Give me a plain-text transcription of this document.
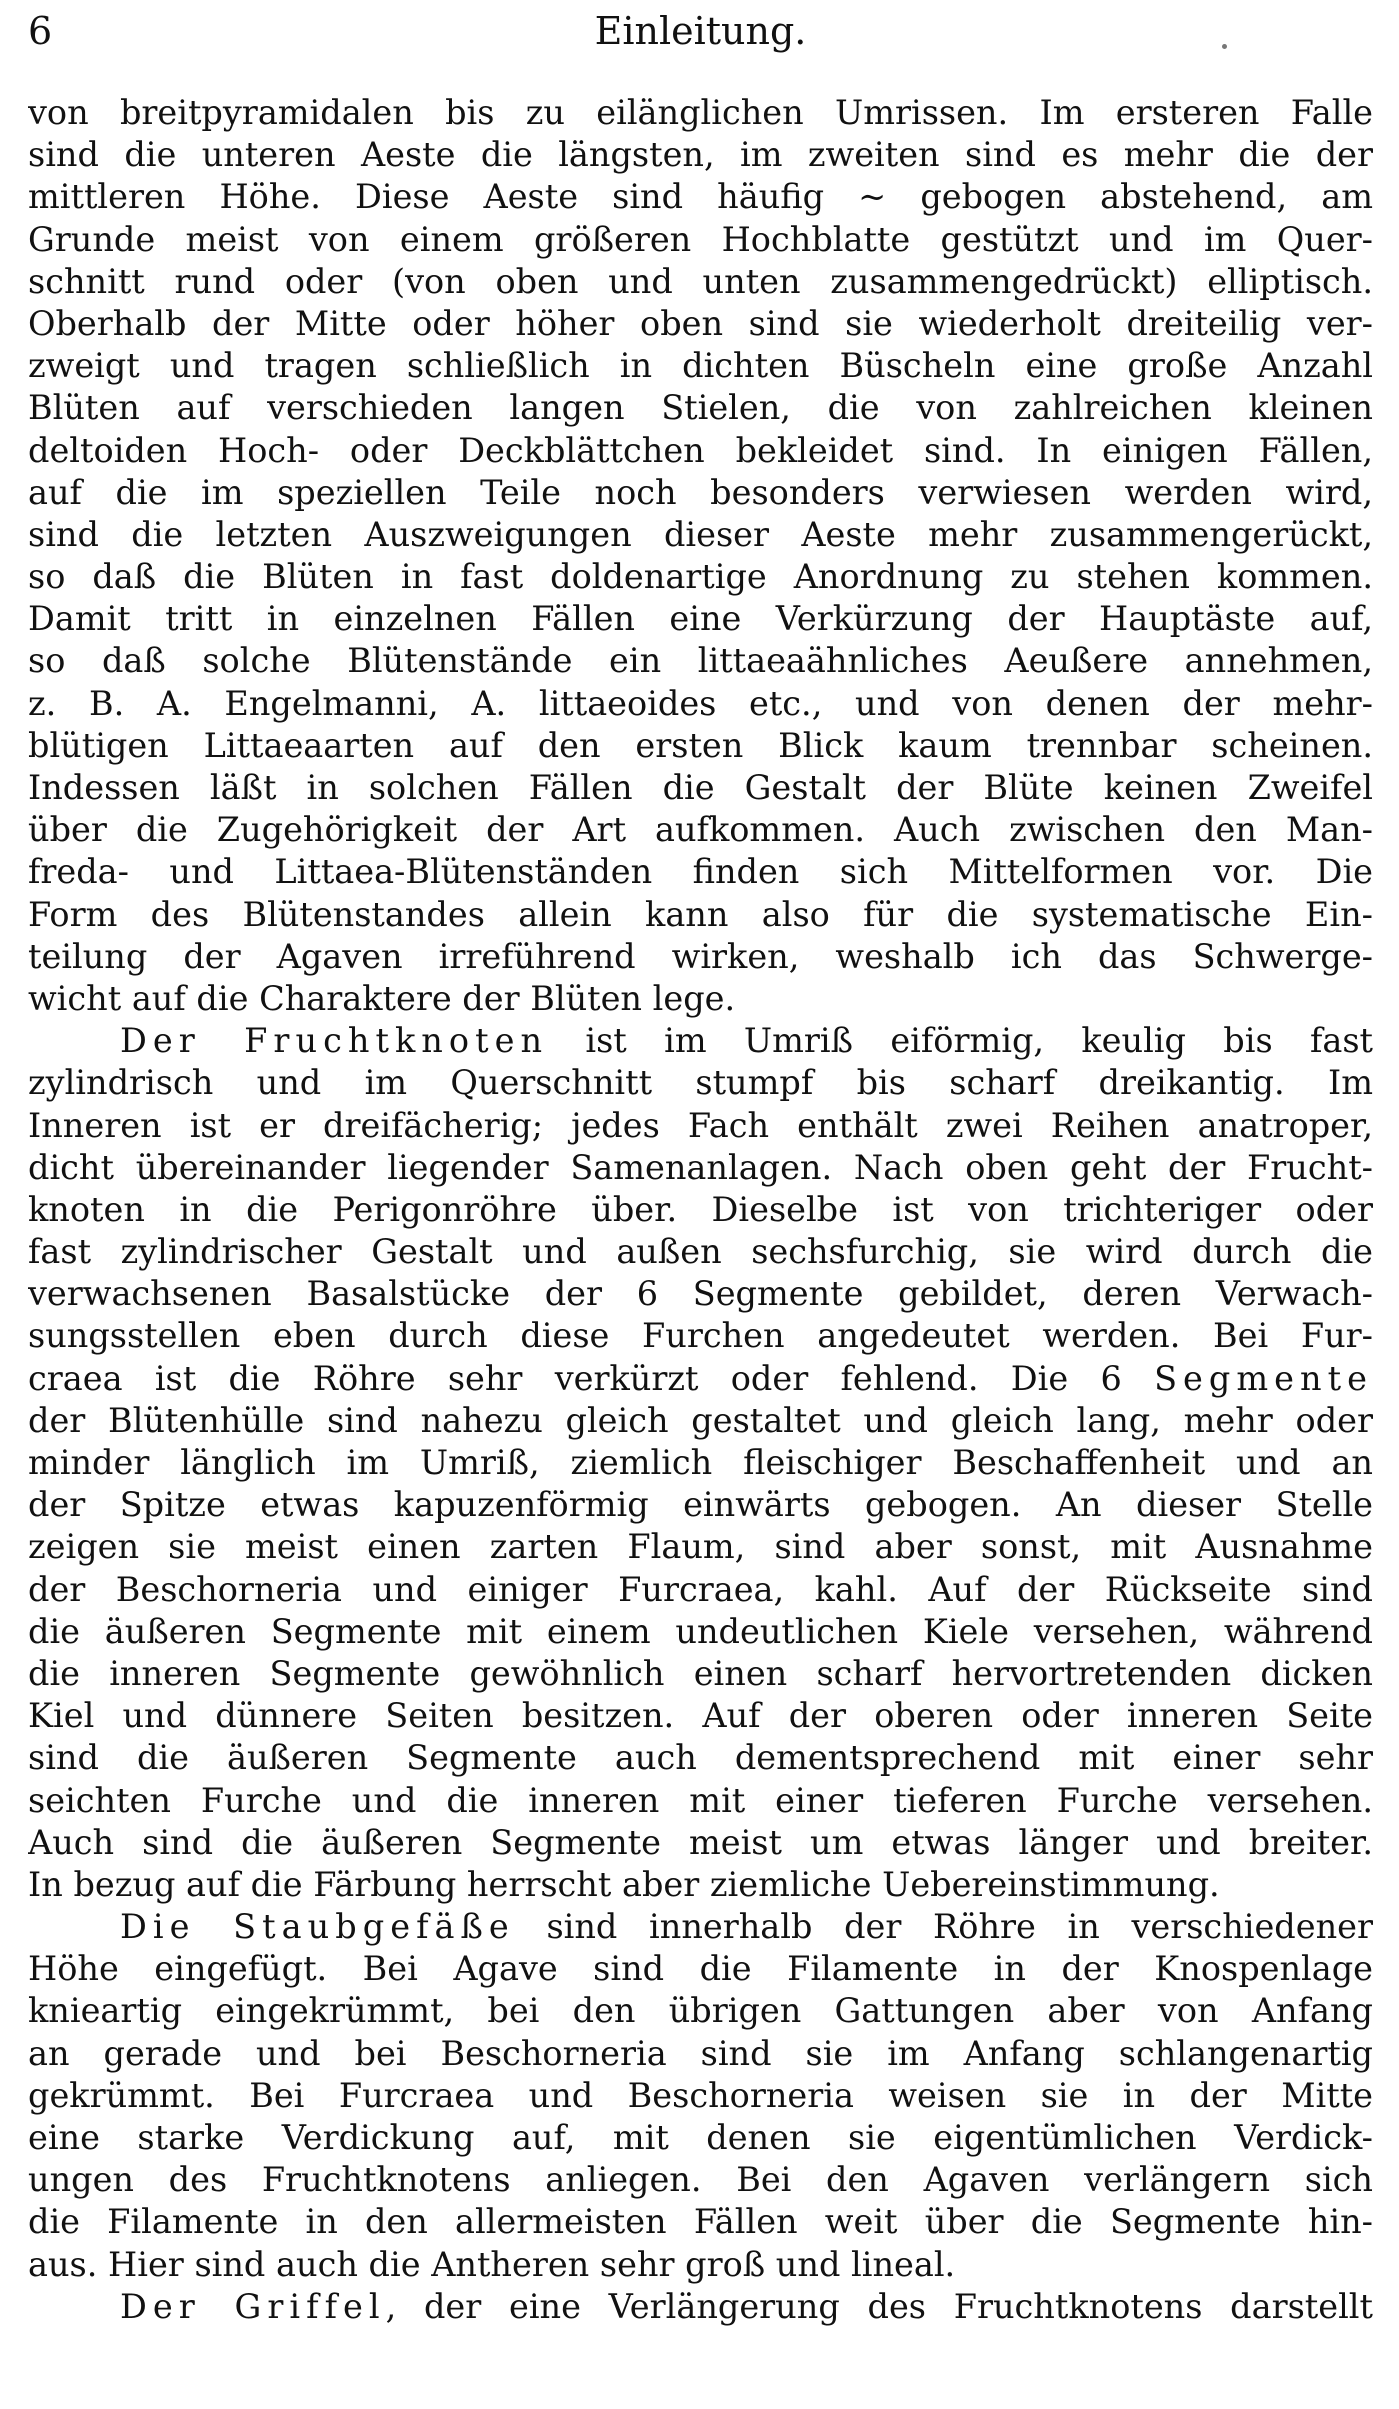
6	Einleitung.
von breitpyramidalen bis zu eilänglichen Umrissen. Im ersteren Falle
sind die unteren Aeste die längsten, im zweiten sind es mehr die der
mittleren Höhe. Diese Aeste sind häufig ∼ gebogen abstehend, am
Grunde meist von einem größeren Hochblatte gestützt und im Quer-
schnitt rund oder (von oben und unten zusammengedrückt) elliptisch.
Oberhalb der Mitte oder höher oben sind sie wiederholt dreiteilig ver-
zweigt und tragen schließlich in dichten Büscheln eine große Anzahl
Blüten auf verschieden langen Stielen, die von zahlreichen kleinen
deltoiden Hoch- oder Deckblättchen bekleidet sind. In einigen Fällen,
auf die im speziellen Teile noch besonders verwiesen werden wird,
sind die letzten Auszweigungen dieser Aeste mehr zusammengerückt,
so daß die Blüten in fast doldenartige Anordnung zu stehen kommen.
Damit tritt in einzelnen Fällen eine Verkürzung der Hauptäste auf,
so daß solche Blütenstände ein littaeaähnliches Aeußere annehmen,
z. B. A. Engelmanni, A. littaeoides etc., und von denen der mehr-
blütigen Littaeaarten auf den ersten Blick kaum trennbar scheinen.
Indessen läßt in solchen Fällen die Gestalt der Blüte keinen Zweifel
über die Zugehörigkeit der Art aufkommen. Auch zwischen den Man-
freda- und Littaea-Blütenständen finden sich Mittelformen vor. Die
Form des Blütenstandes allein kann also für die systematische Ein-
teilung der Agaven irreführend wirken, weshalb ich das Schwerge-
wicht auf die Charaktere der Blüten lege.
Der Fruchtknoten ist im Umriß eiförmig, keulig bis fast
zylindrisch und im Querschnitt stumpf bis scharf dreikantig. Im
Inneren ist er dreifächerig; jedes Fach enthält zwei Reihen anatroper,
dicht übereinander liegender Samenanlagen. Nach oben geht der Frucht-
knoten in die Perigonröhre über. Dieselbe ist von trichteriger oder
fast zylindrischer Gestalt und außen sechsfurchig, sie wird durch die
verwachsenen Basalstücke der 6 Segmente gebildet, deren Verwach-
sungsstellen eben durch diese Furchen angedeutet werden. Bei Fur-
craea ist die Röhre sehr verkürzt oder fehlend. Die 6 Segmente
der Blütenhülle sind nahezu gleich gestaltet und gleich lang, mehr oder
minder länglich im Umriß, ziemlich fleischiger Beschaffenheit und an
der Spitze etwas kapuzenförmig einwärts gebogen. An dieser Stelle
zeigen sie meist einen zarten Flaum, sind aber sonst, mit Ausnahme
der Beschorneria und einiger Furcraea, kahl. Auf der Rückseite sind
die äußeren Segmente mit einem undeutlichen Kiele versehen, während
die inneren Segmente gewöhnlich einen scharf hervortretenden dicken
Kiel und dünnere Seiten besitzen. Auf der oberen oder inneren Seite
sind die äußeren Segmente auch dementsprechend mit einer sehr
seichten Furche und die inneren mit einer tieferen Furche versehen.
Auch sind die äußeren Segmente meist um etwas länger und breiter.
In bezug auf die Färbung herrscht aber ziemliche Uebereinstimmung.
Die Staubgefäße sind innerhalb der Röhre in verschiedener
Höhe eingefügt. Bei Agave sind die Filamente in der Knospenlage
knieartig eingekrümmt, bei den übrigen Gattungen aber von Anfang
an gerade und bei Beschorneria sind sie im Anfang schlangenartig
gekrümmt. Bei Furcraea und Beschorneria weisen sie in der Mitte
eine starke Verdickung auf, mit denen sie eigentümlichen Verdick-
ungen des Fruchtknotens anliegen. Bei den Agaven verlängern sich
die Filamente in den allermeisten Fällen weit über die Segmente hin-
aus. Hier sind auch die Antheren sehr groß und lineal.
Der Griffel, der eine Verlängerung des Fruchtknotens darstellt
